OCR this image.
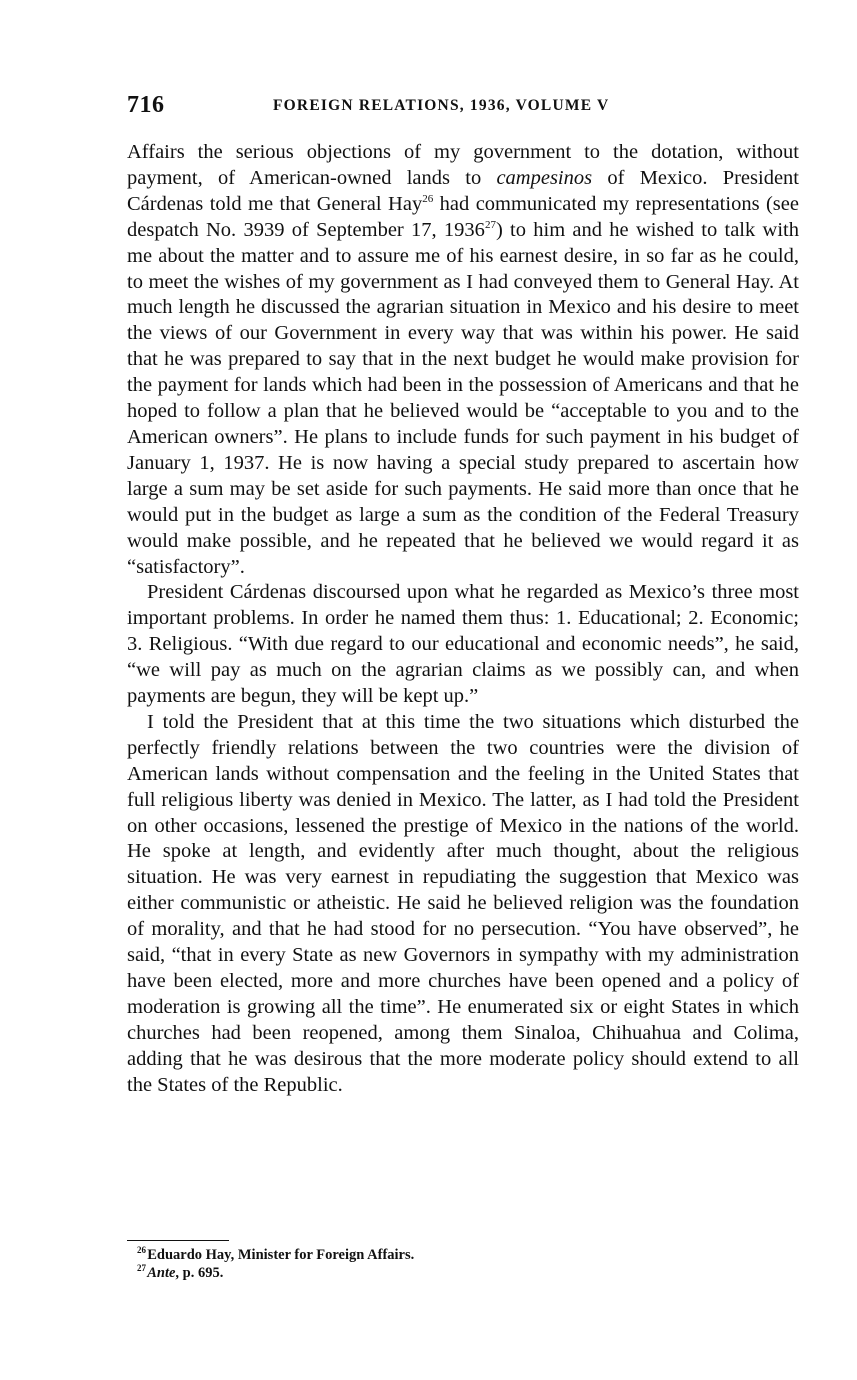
716	FOREIGN RELATIONS, 1936, VOLUME V

Affairs the serious objections of my government to the dotation, without payment, of American-owned lands to campesinos of Mexico. President Cárdenas told me that General Hay$^{26}$ had communicated my representations (see despatch No. 3939 of September 17, 1936$^{27}$) to him and he wished to talk with me about the matter and to assure me of his earnest desire, in so far as he could, to meet the wishes of my government as I had conveyed them to General Hay. At much length he discussed the agrarian situation in Mexico and his desire to meet the views of our Government in every way that was within his power. He said that he was prepared to say that in the next budget he would make provision for the payment for lands which had been in the possession of Americans and that he hoped to follow a plan that he believed would be “acceptable to you and to the American owners”. He plans to include funds for such payment in his budget of January 1, 1937. He is now having a special study prepared to ascertain how large a sum may be set aside for such payments. He said more than once that he would put in the budget as large a sum as the condition of the Federal Treasury would make possible, and he repeated that he believed we would regard it as “satisfactory”.

President Cárdenas discoursed upon what he regarded as Mexico’s three most important problems. In order he named them thus: 1. Educational; 2. Economic; 3. Religious. “With due regard to our educational and economic needs”, he said, “we will pay as much on the agrarian claims as we possibly can, and when payments are begun, they will be kept up.”

I told the President that at this time the two situations which disturbed the perfectly friendly relations between the two countries were the division of American lands without compensation and the feeling in the United States that full religious liberty was denied in Mexico. The latter, as I had told the President on other occasions, lessened the prestige of Mexico in the nations of the world. He spoke at length, and evidently after much thought, about the religious situation. He was very earnest in repudiating the suggestion that Mexico was either communistic or atheistic. He said he believed religion was the foundation of morality, and that he had stood for no persecution. “You have observed”, he said, “that in every State as new Governors in sympathy with my administration have been elected, more and more churches have been opened and a policy of moderation is growing all the time”. He enumerated six or eight States in which churches had been reopened, among them Sinaloa, Chihuahua and Colima, adding that he was desirous that the more moderate policy should extend to all the States of the Republic.

$^{26}$ Eduardo Hay, Minister for Foreign Affairs.
$^{27}$ Ante, p. 695.
